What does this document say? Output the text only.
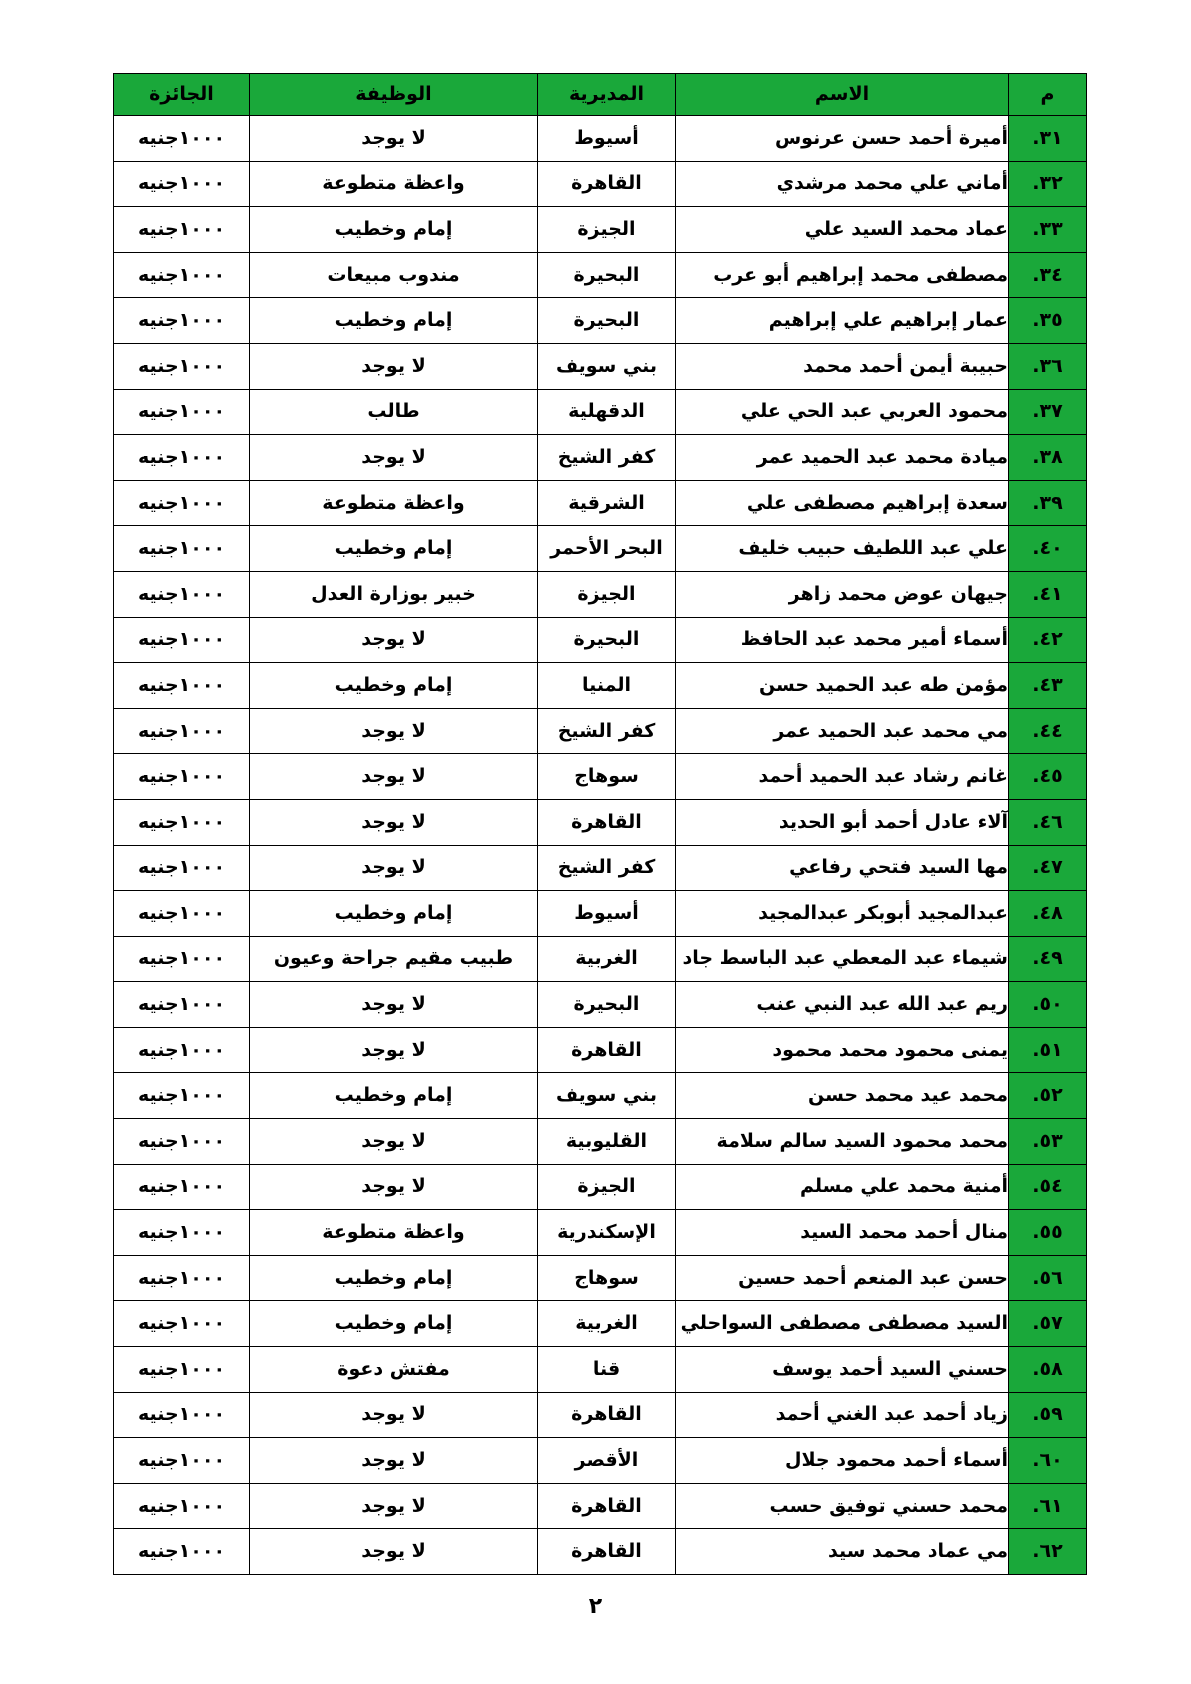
م	الاسم	المديرية	الوظيفة	الجائزة
٣١.	أميرة أحمد حسن عرنوس	أسيوط	لا يوجد	١٠٠٠جنيه
٣٢.	أماني علي محمد مرشدي	القاهرة	واعظة متطوعة	١٠٠٠جنيه
٣٣.	عماد محمد السيد علي	الجيزة	إمام وخطيب	١٠٠٠جنيه
٣٤.	مصطفى محمد إبراهيم أبو عرب	البحيرة	مندوب مبيعات	١٠٠٠جنيه
٣٥.	عمار إبراهيم علي إبراهيم	البحيرة	إمام وخطيب	١٠٠٠جنيه
٣٦.	حبيبة أيمن أحمد محمد	بني سويف	لا يوجد	١٠٠٠جنيه
٣٧.	محمود العربي عبد الحي علي	الدقهلية	طالب	١٠٠٠جنيه
٣٨.	ميادة محمد عبد الحميد عمر	كفر الشيخ	لا يوجد	١٠٠٠جنيه
٣٩.	سعدة إبراهيم مصطفى علي	الشرقية	واعظة متطوعة	١٠٠٠جنيه
٤٠.	علي عبد اللطيف حبيب خليف	البحر الأحمر	إمام وخطيب	١٠٠٠جنيه
٤١.	جيهان عوض محمد زاهر	الجيزة	خبير بوزارة العدل	١٠٠٠جنيه
٤٢.	أسماء أمير محمد عبد الحافظ	البحيرة	لا يوجد	١٠٠٠جنيه
٤٣.	مؤمن طه عبد الحميد حسن	المنيا	إمام وخطيب	١٠٠٠جنيه
٤٤.	مي محمد عبد الحميد عمر	كفر الشيخ	لا يوجد	١٠٠٠جنيه
٤٥.	غانم رشاد عبد الحميد أحمد	سوهاج	لا يوجد	١٠٠٠جنيه
٤٦.	آلاء عادل أحمد أبو الحديد	القاهرة	لا يوجد	١٠٠٠جنيه
٤٧.	مها السيد فتحي رفاعي	كفر الشيخ	لا يوجد	١٠٠٠جنيه
٤٨.	عبدالمجيد أبوبكر عبدالمجيد	أسيوط	إمام وخطيب	١٠٠٠جنيه
٤٩.	شيماء عبد المعطي عبد الباسط جاد	الغربية	طبيب مقيم جراحة وعيون	١٠٠٠جنيه
٥٠.	ريم عبد الله عبد النبي عنب	البحيرة	لا يوجد	١٠٠٠جنيه
٥١.	يمنى محمود محمد محمود	القاهرة	لا يوجد	١٠٠٠جنيه
٥٢.	محمد عيد محمد حسن	بني سويف	إمام وخطيب	١٠٠٠جنيه
٥٣.	محمد محمود السيد سالم سلامة	القليوبية	لا يوجد	١٠٠٠جنيه
٥٤.	أمنية محمد علي مسلم	الجيزة	لا يوجد	١٠٠٠جنيه
٥٥.	منال أحمد محمد السيد	الإسكندرية	واعظة متطوعة	١٠٠٠جنيه
٥٦.	حسن عبد المنعم أحمد حسين	سوهاج	إمام وخطيب	١٠٠٠جنيه
٥٧.	السيد مصطفى مصطفى السواحلي	الغربية	إمام وخطيب	١٠٠٠جنيه
٥٨.	حسني السيد أحمد يوسف	قنا	مفتش دعوة	١٠٠٠جنيه
٥٩.	زياد أحمد عبد الغني أحمد	القاهرة	لا يوجد	١٠٠٠جنيه
٦٠.	أسماء أحمد محمود جلال	الأقصر	لا يوجد	١٠٠٠جنيه
٦١.	محمد حسني توفيق حسب	القاهرة	لا يوجد	١٠٠٠جنيه
٦٢.	مي عماد محمد سيد	القاهرة	لا يوجد	١٠٠٠جنيه
٢
